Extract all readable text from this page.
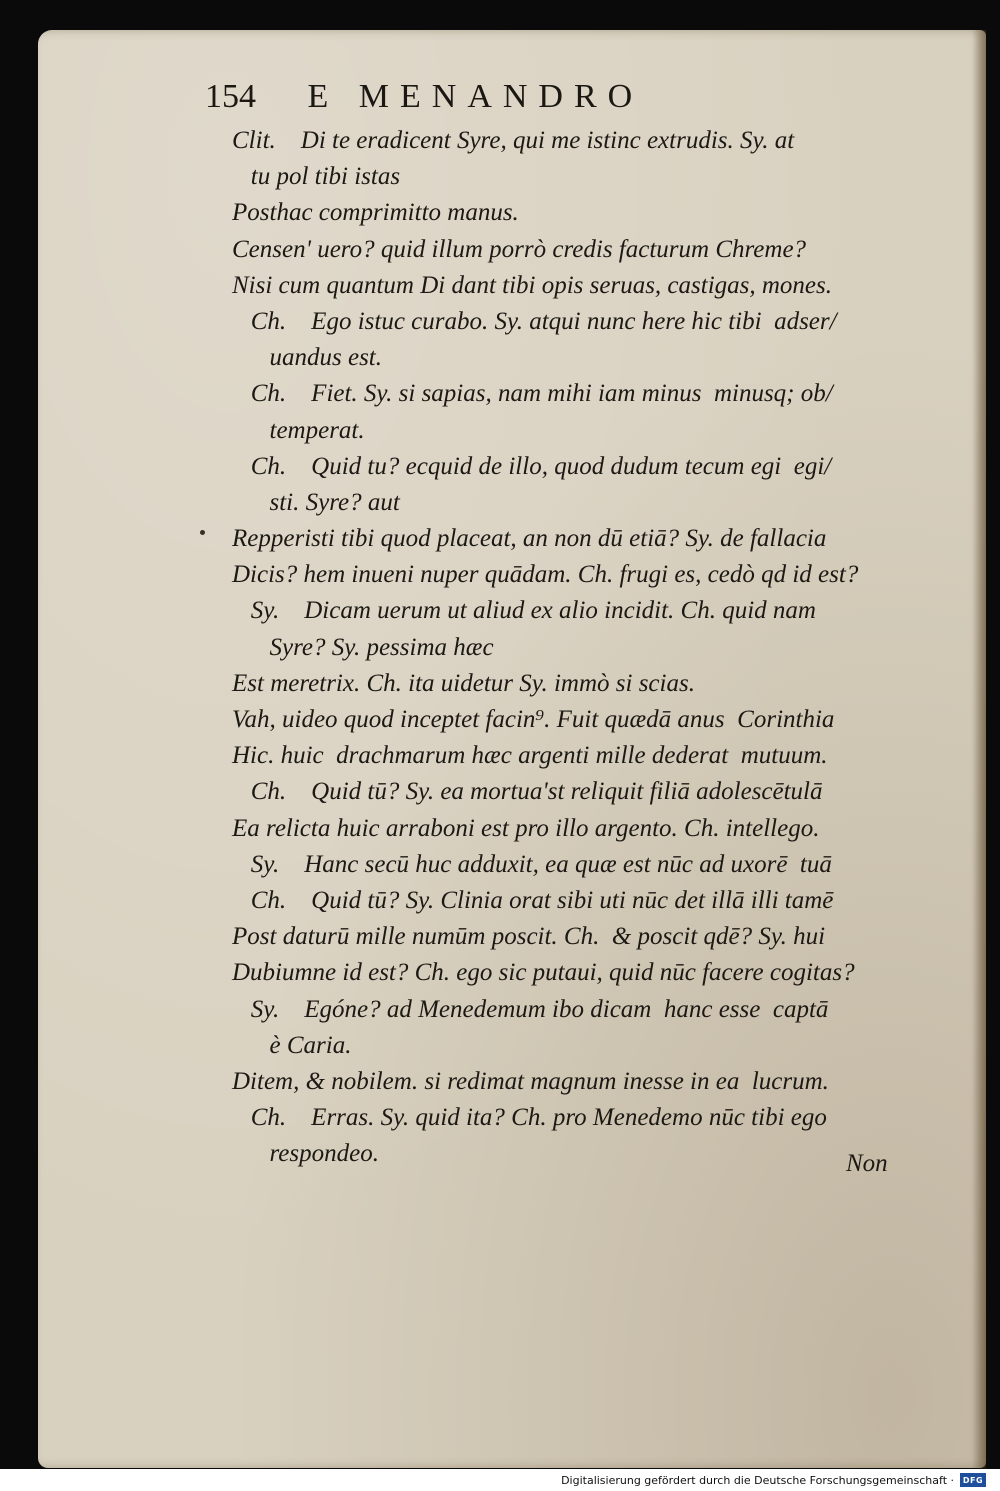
154 E MENANDRO
Clit.    Di te eradicent Syre, qui me istinc extrudis. Sy. at
tu pol tibi istas
Posthac comprimitto manus.
Censen' uero? quid illum porrò credis facturum Chreme?
Nisi cum quantum Di dant tibi opis seruas, castigas, mones.
Ch.    Ego istuc curabo. Sy. atqui nunc here hic tibi  adser/
uandus est.
Ch.    Fiet. Sy. si sapias, nam mihi iam minus  minusq; ob/
temperat.
Ch.    Quid tu? ecquid de illo, quod dudum tecum egi  egi/
sti. Syre? aut
Repperisti tibi quod placeat, an non dū etiā? Sy. de fallacia
Dicis? hem inueni nuper quādam. Ch. frugi es, cedò qd id est?
Sy.    Dicam uerum ut aliud ex alio incidit. Ch. quid nam
Syre? Sy. pessima hæc
Est meretrix. Ch. ita uidetur Sy. immò si scias.
Vah, uideo quod inceptet facin⁹. Fuit quædā anus  Corinthia
Hic. huic  drachmarum hæc argenti mille dederat  mutuum.
Ch.    Quid tū? Sy. ea mortua'st reliquit filiā adolescētulā
Ea relicta huic arraboni est pro illo argento. Ch. intellego.
Sy.    Hanc secū huc adduxit, ea quæ est nūc ad uxorē  tuā
Ch.    Quid tū? Sy. Clinia orat sibi uti nūc det illā illi tamē
Post daturū mille numūm poscit. Ch.  & poscit qdē? Sy. hui
Dubiumne id est? Ch. ego sic putaui, quid nūc facere cogitas?
Sy.    Egóne? ad Menedemum ibo dicam  hanc esse  captā
è Caria.
Ditem, & nobilem. si redimat magnum inesse in ea  lucrum.
Ch.    Erras. Sy. quid ita? Ch. pro Menedemo nūc tibi ego
respondeo.	Non
Digitalisierung gefördert durch die Deutsche Forschungsgemeinschaft ·	DFG
